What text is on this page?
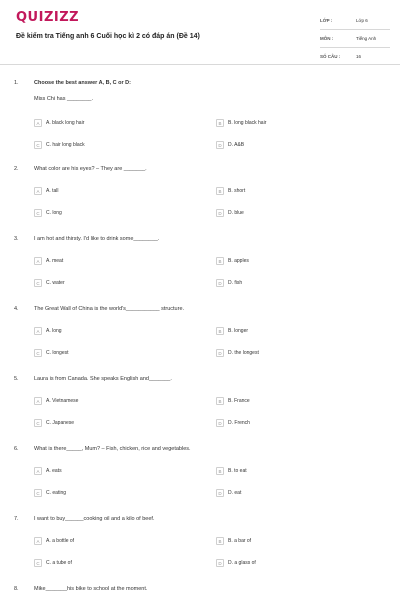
QUIZIZZ
Đề kiểm tra Tiếng anh 6 Cuối học kì 2 có đáp án (Đề 14)
LỚP :	Lớp 6
MÔN :	Tiếng Anh
SỐ CÂU :	16
1.	Choose the best answer A, B, C or D:
Miss Chi has ________.
A	A. black long hair	B	B. long black hair
C	C. hair long black	D	D. A&B
2.	What color are his eyes? – They are _______.
A	A. tall	B	B. short
C	C. long	D	D. blue
3.	I am hot and thirsty. I'd like to drink some________.
A	A. meat	B	B. apples
C	C. water	D	D. fish
4.	The Great Wall of China is the world's___________ structure.
A	A. long	B	B. longer
C	C. longest	D	D. the longest
5.	Laura is from Canada. She speaks English and_______.
A	A. Vietnamese	B	B. France
C	C. Japanese	D	D. French
6.	What is there_____, Mum? – Fish, chicken, rice and vegetables.
A	A. eats	B	B. to eat
C	C. eating	D	D. eat
7.	I want to buy______cooking oil and a kilo of beef.
A	A. a bottle of	B	B. a bar of
C	C. a tube of	D	D. a glass of
8.	Mike_______his bike to school at the moment.
